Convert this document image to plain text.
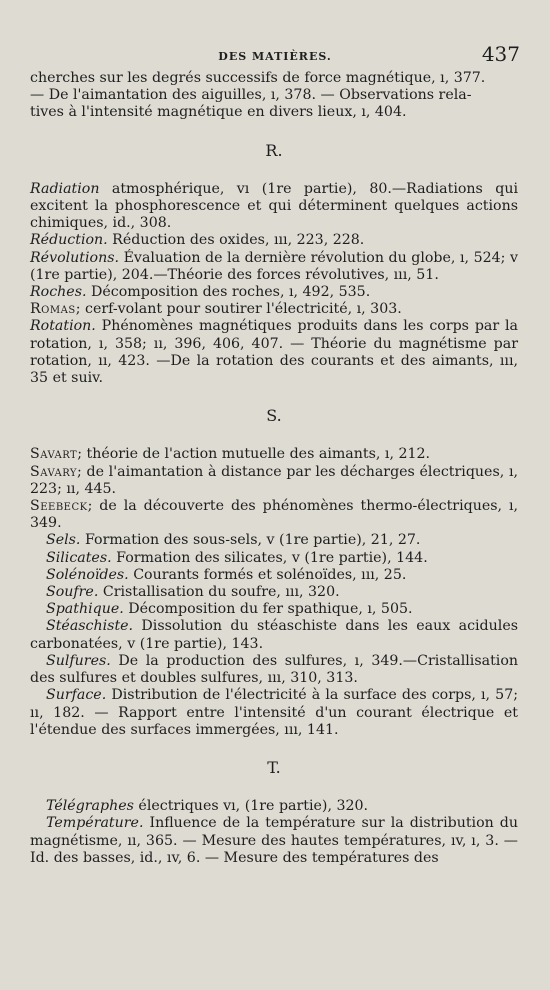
DES MATIÈRES.	437

cherches sur les degrés successifs de force magnétique, ı, 377.

— De l'aimantation des aiguilles, ı, 378. — Observations rela-

tives à l'intensité magnétique en divers lieux, ı, 404.

R.

Radiation atmosphérique, vı (1re partie), 80.—Radiations qui excitent la phosphorescence et qui déterminent quelques actions chimiques, id., 308.

Réduction. Réduction des oxides, ııı, 223, 228.

Révolutions. Évaluation de la dernière révolution du globe, ı, 524; v (1re partie), 204.—Théorie des forces révolutives, ııı, 51.

Roches. Décomposition des roches, ı, 492, 535.

Romas; cerf-volant pour soutirer l'électricité, ı, 303.

Rotation. Phénomènes magnétiques produits dans les corps par la rotation, ı, 358; ıı, 396, 406, 407. — Théorie du magnétisme par rotation, ıı, 423. —De la rotation des courants et des aimants, ııı, 35 et suiv.

S.

Savart; théorie de l'action mutuelle des aimants, ı, 212.

Savary; de l'aimantation à distance par les décharges électriques, ı, 223; ıı, 445.

Seebeck; de la découverte des phénomènes thermo-électriques, ı, 349.

Sels. Formation des sous-sels, v (1re partie), 21, 27.

Silicates. Formation des silicates, v (1re partie), 144.

Solénoïdes. Courants formés et solénoïdes, ııı, 25.

Soufre. Cristallisation du soufre, ııı, 320.

Spathique. Décomposition du fer spathique, ı, 505.

Stéaschiste. Dissolution du stéaschiste dans les eaux acidules carbonatées, v (1re partie), 143.

Sulfures. De la production des sulfures, ı, 349.—Cristallisation des sulfures et doubles sulfures, ııı, 310, 313.

Surface. Distribution de l'électricité à la surface des corps, ı, 57; ıı, 182. — Rapport entre l'intensité d'un courant électrique et l'étendue des surfaces immergées, ııı, 141.

T.

Télégraphes électriques vı, (1re partie), 320.

Température. Influence de la température sur la distribution du magnétisme, ıı, 365. — Mesure des hautes températures, ıv, ı, 3. — Id. des basses, id., ıv, 6. — Mesure des températures des
